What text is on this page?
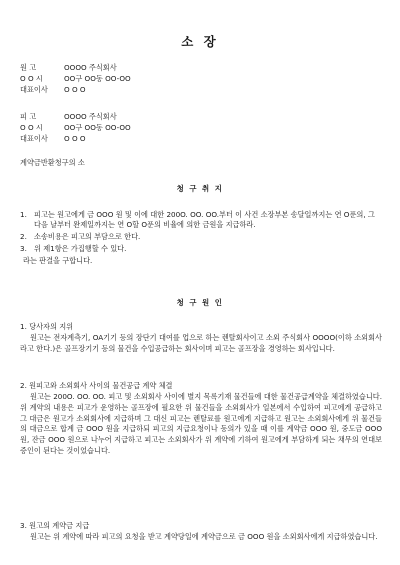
소 장
원 고	OOOO 주식회사
O O 시	OO구 OO동 OO-OO
대표이사 O O O
피 고	OOOO 주식회사
O O 시	OO구 OO동 OO-OO
대표이사 O O O
계약금반환청구의 소
청 구 취 지
1. 피고는 원고에게 금 OOO 원 및 이에 대한 200O. OO. OO.부터 이 사건 소장부본 송달일까지는 연 O푼의, 그 다음 날부터 완제일까지는 연 O할 O푼의 비율에 의한 금원을 지급하라.
2. 소송비용은 피고의 부담으로 한다.
3. 위 제1항은 가집행할 수 있다.
라는 판결을 구합니다.
청 구 원 인
1. 당사자의 지위
원고는 전자계측기, OA기기 등의 장단기 대여를 업으로 하는 렌탈회사이고 소외 주식회사 OOOO(이하 소외회사라고 한다.)은 골프장기기 등의 물건을 수입공급하는 회사이며 피고는 골프장을 경영하는 회사입니다.
2. 원피고와 소외회사 사이의 물건공급 계약 체결
원고는 200O. OO. OO. 피고 및 소외회사 사이에 별지 목록기재 물건들에 대한 물건공급계약을 체결하였습니다. 위 계약의 내용은 피고가 운영하는 골프장에 필요한 위 물건들을 소외회사가 일본에서 수입하여 피고에게 공급하고 그 대금은 원고가 소외회사에 지급하며 그 대신 피고는 렌탈료를 원고에게 지급하고 원고는 소외회사에게 위 물건들의 대금으로 합계 금 OOO 원을 지급하되 피고의 지급요청이나 동의가 있을 때 이를 계약금 OOO 원, 중도금 OOO 원, 잔금 OOO 원으로 나누어 지급하고 피고는 소외회사가 위 계약에 기하여 원고에게 부담하게 되는 채무의 연대보증인이 된다는 것이었습니다.
3. 원고의 계약금 지급
원고는 위 계약에 따라 피고의 요청을 받고 계약당일에 계약금으로 금 OOO 원을 소외회사에게 지급하였습니다.
